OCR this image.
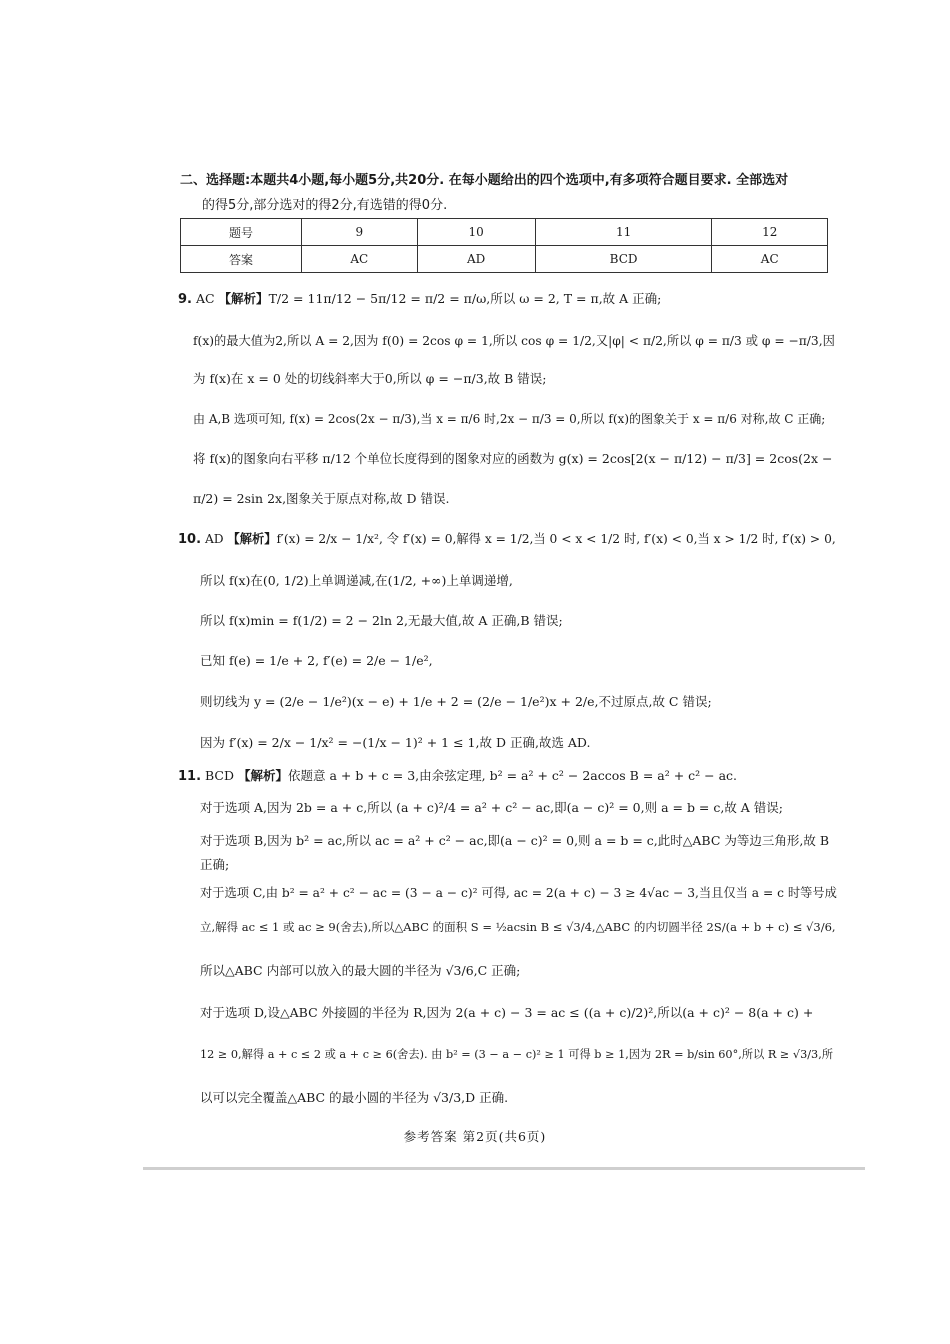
二、选择题:本题共4小题,每小题5分,共20分. 在每小题给出的四个选项中,有多项符合题目要求. 全部选对
的得5分,部分选对的得2分,有选错的得0分.
题号	9	10	11	12
答案	AC	AD	BCD	AC
9. AC 【解析】T/2 = 11π/12 − 5π/12 = π/2 = π/ω,所以 ω = 2, T = π,故 A 正确;
f(x)的最大值为2,所以 A = 2,因为 f(0) = 2cos φ = 1,所以 cos φ = 1/2,又|φ| < π/2,所以 φ = π/3 或 φ = −π/3,因
为 f(x)在 x = 0 处的切线斜率大于0,所以 φ = −π/3,故 B 错误;
由 A,B 选项可知, f(x) = 2cos(2x − π/3),当 x = π/6 时,2x − π/3 = 0,所以 f(x)的图象关于 x = π/6 对称,故 C 正确;
将 f(x)的图象向右平移 π/12 个单位长度得到的图象对应的函数为 g(x) = 2cos[2(x − π/12) − π/3] = 2cos(2x −
π/2) = 2sin 2x,图象关于原点对称,故 D 错误.
10. AD 【解析】f′(x) = 2/x − 1/x², 令 f′(x) = 0,解得 x = 1/2,当 0 < x < 1/2 时, f′(x) < 0,当 x > 1/2 时, f′(x) > 0,
所以 f(x)在(0, 1/2)上单调递减,在(1/2, +∞)上单调递增,
所以 f(x)min = f(1/2) = 2 − 2ln 2,无最大值,故 A 正确,B 错误;
已知 f(e) = 1/e + 2, f′(e) = 2/e − 1/e²,
则切线为 y = (2/e − 1/e²)(x − e) + 1/e + 2 = (2/e − 1/e²)x + 2/e,不过原点,故 C 错误;
因为 f′(x) = 2/x − 1/x² = −(1/x − 1)² + 1 ≤ 1,故 D 正确,故选 AD.
11. BCD 【解析】依题意 a + b + c = 3,由余弦定理, b² = a² + c² − 2accos B = a² + c² − ac.
对于选项 A,因为 2b = a + c,所以 (a + c)²/4 = a² + c² − ac,即(a − c)² = 0,则 a = b = c,故 A 错误;
对于选项 B,因为 b² = ac,所以 ac = a² + c² − ac,即(a − c)² = 0,则 a = b = c,此时△ABC 为等边三角形,故 B
正确;
对于选项 C,由 b² = a² + c² − ac = (3 − a − c)² 可得, ac = 2(a + c) − 3 ≥ 4√ac − 3,当且仅当 a = c 时等号成
立,解得 ac ≤ 1 或 ac ≥ 9(舍去),所以△ABC 的面积 S = ½acsin B ≤ √3/4,△ABC 的内切圆半径 2S/(a + b + c) ≤ √3/6,
所以△ABC 内部可以放入的最大圆的半径为 √3/6,C 正确;
对于选项 D,设△ABC 外接圆的半径为 R,因为 2(a + c) − 3 = ac ≤ ((a + c)/2)²,所以(a + c)² − 8(a + c) +
12 ≥ 0,解得 a + c ≤ 2 或 a + c ≥ 6(舍去). 由 b² = (3 − a − c)² ≥ 1 可得 b ≥ 1,因为 2R = b/sin 60°,所以 R ≥ √3/3,所
以可以完全覆盖△ABC 的最小圆的半径为 √3/3,D 正确.
参考答案 第2页(共6页)
